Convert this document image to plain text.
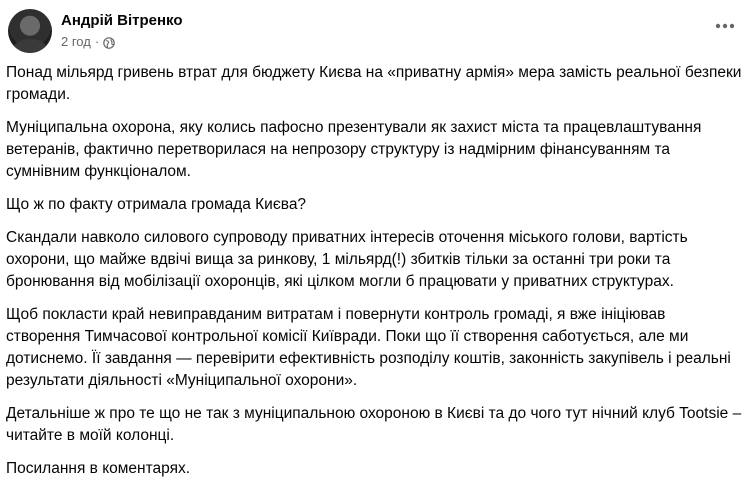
Андрій Вітренко
2 год ·

Понад мільярд гривень втрат для бюджету Києва на «приватну армія» мера замість реальної безпеки громади.

Муніципальна охорона, яку колись пафосно презентували як захист міста та працевлаштування ветеранів, фактично перетворилася на непрозору структуру із надмірним фінансуванням та сумнівним функціоналом.

Що ж по факту отримала громада Києва?

Скандали навколо силового супроводу приватних інтересів оточення міського голови, вартість охорони, що майже вдвічі вища за ринкову, 1 мільярд(!) збитків тільки за останні три роки та бронювання від мобілізації охоронців, які цілком могли б працювати у приватних структурах.

Щоб покласти край невиправданим витратам і повернути контроль громаді, я вже ініціював створення Тимчасової контрольної комісії Київради. Поки що її створення саботується, але ми дотиснемо. Її завдання — перевірити ефективність розподілу коштів, законність закупівель і реальні результати діяльності «Муніципальної охорони».

Детальніше ж про те що не так з муніципальною охороною в Києві та до чого тут нічний клуб Tootsie – читайте в моїй колонці.

Посилання в коментарях.
